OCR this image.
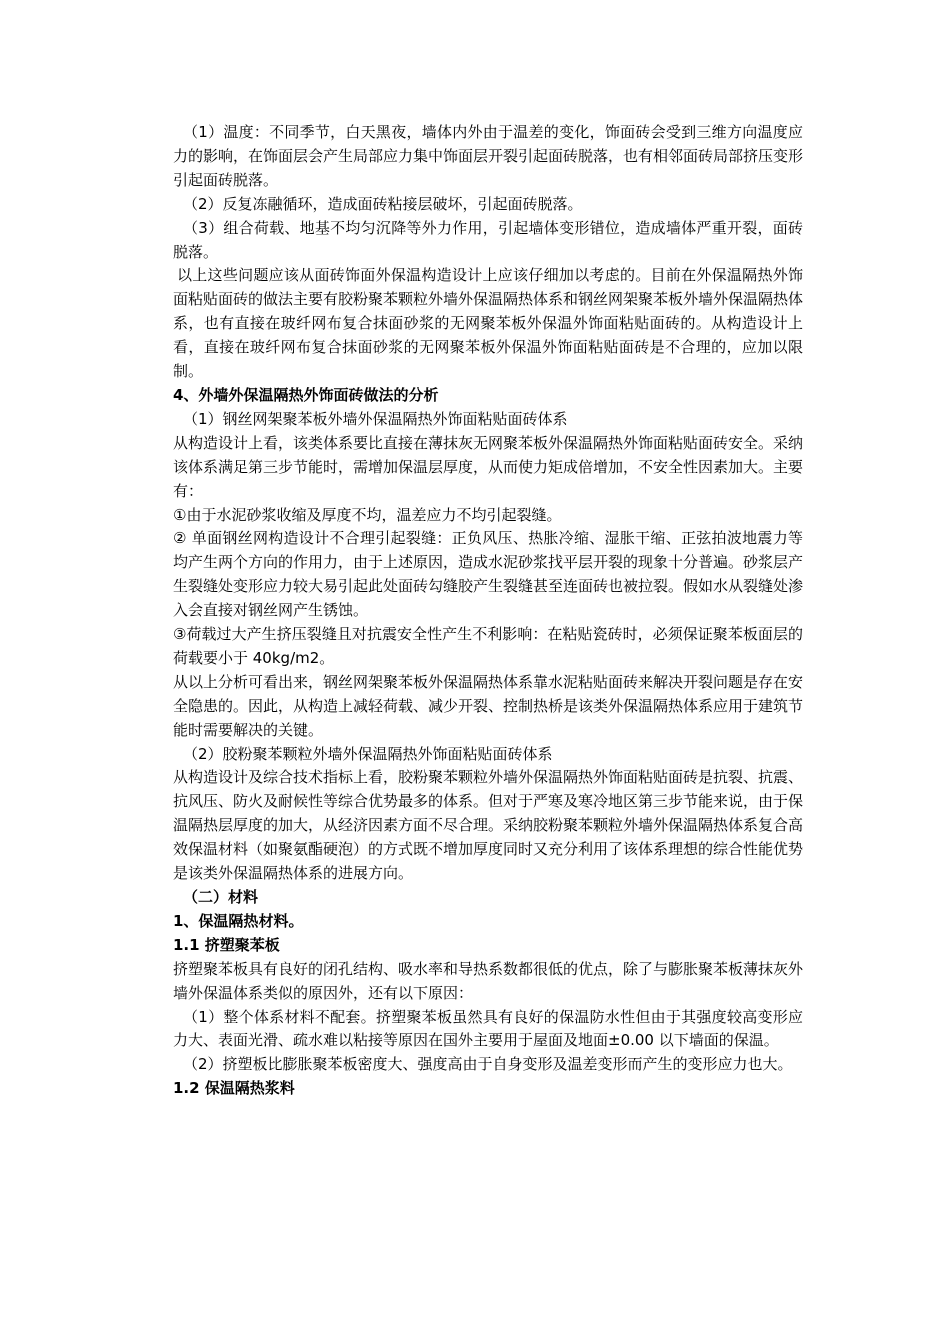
（1）温度：不同季节，白天黑夜，墙体内外由于温差的变化，饰面砖会受到三维方向温度应力的影响，在饰面层会产生局部应力集中饰面层开裂引起面砖脱落，也有相邻面砖局部挤压变形引起面砖脱落。

（2）反复冻融循环，造成面砖粘接层破坏，引起面砖脱落。

（3）组合荷载、地基不均匀沉降等外力作用，引起墙体变形错位，造成墙体严重开裂，面砖脱落。

以上这些问题应该从面砖饰面外保温构造设计上应该仔细加以考虑的。目前在外保温隔热外饰面粘贴面砖的做法主要有胶粉聚苯颗粒外墙外保温隔热体系和钢丝网架聚苯板外墙外保温隔热体系，也有直接在玻纤网布复合抹面砂浆的无网聚苯板外保温外饰面粘贴面砖的。从构造设计上看，直接在玻纤网布复合抹面砂浆的无网聚苯板外保温外饰面粘贴面砖是不合理的，应加以限制。

4、外墙外保温隔热外饰面砖做法的分析

（1）钢丝网架聚苯板外墙外保温隔热外饰面粘贴面砖体系

从构造设计上看，该类体系要比直接在薄抹灰无网聚苯板外保温隔热外饰面粘贴面砖安全。采纳该体系满足第三步节能时，需增加保温层厚度，从而使力矩成倍增加，不安全性因素加大。主要有：

①由于水泥砂浆收缩及厚度不均，温差应力不均引起裂缝。

② 单面钢丝网构造设计不合理引起裂缝：正负风压、热胀冷缩、湿胀干缩、正弦拍波地震力等均产生两个方向的作用力，由于上述原因，造成水泥砂浆找平层开裂的现象十分普遍。砂浆层产生裂缝处变形应力较大易引起此处面砖勾缝胶产生裂缝甚至连面砖也被拉裂。假如水从裂缝处渗入会直接对钢丝网产生锈蚀。

③荷载过大产生挤压裂缝且对抗震安全性产生不利影响：在粘贴瓷砖时，必须保证聚苯板面层的荷载要小于 40kg/m2。

从以上分析可看出来，钢丝网架聚苯板外保温隔热体系靠水泥粘贴面砖来解决开裂问题是存在安全隐患的。因此，从构造上减轻荷载、减少开裂、控制热桥是该类外保温隔热体系应用于建筑节能时需要解决的关键。

（2）胶粉聚苯颗粒外墙外保温隔热外饰面粘贴面砖体系

从构造设计及综合技术指标上看，胶粉聚苯颗粒外墙外保温隔热外饰面粘贴面砖是抗裂、抗震、抗风压、防火及耐候性等综合优势最多的体系。但对于严寒及寒冷地区第三步节能来说，由于保温隔热层厚度的加大，从经济因素方面不尽合理。采纳胶粉聚苯颗粒外墙外保温隔热体系复合高效保温材料（如聚氨酯硬泡）的方式既不增加厚度同时又充分利用了该体系理想的综合性能优势是该类外保温隔热体系的进展方向。

（二）材料

1、保温隔热材料。

1.1 挤塑聚苯板

挤塑聚苯板具有良好的闭孔结构、吸水率和导热系数都很低的优点，除了与膨胀聚苯板薄抹灰外墙外保温体系类似的原因外，还有以下原因：

（1）整个体系材料不配套。挤塑聚苯板虽然具有良好的保温防水性但由于其强度较高变形应力大、表面光滑、疏水难以粘接等原因在国外主要用于屋面及地面±0.00 以下墙面的保温。

（2）挤塑板比膨胀聚苯板密度大、强度高由于自身变形及温差变形而产生的变形应力也大。

1.2 保温隔热浆料
